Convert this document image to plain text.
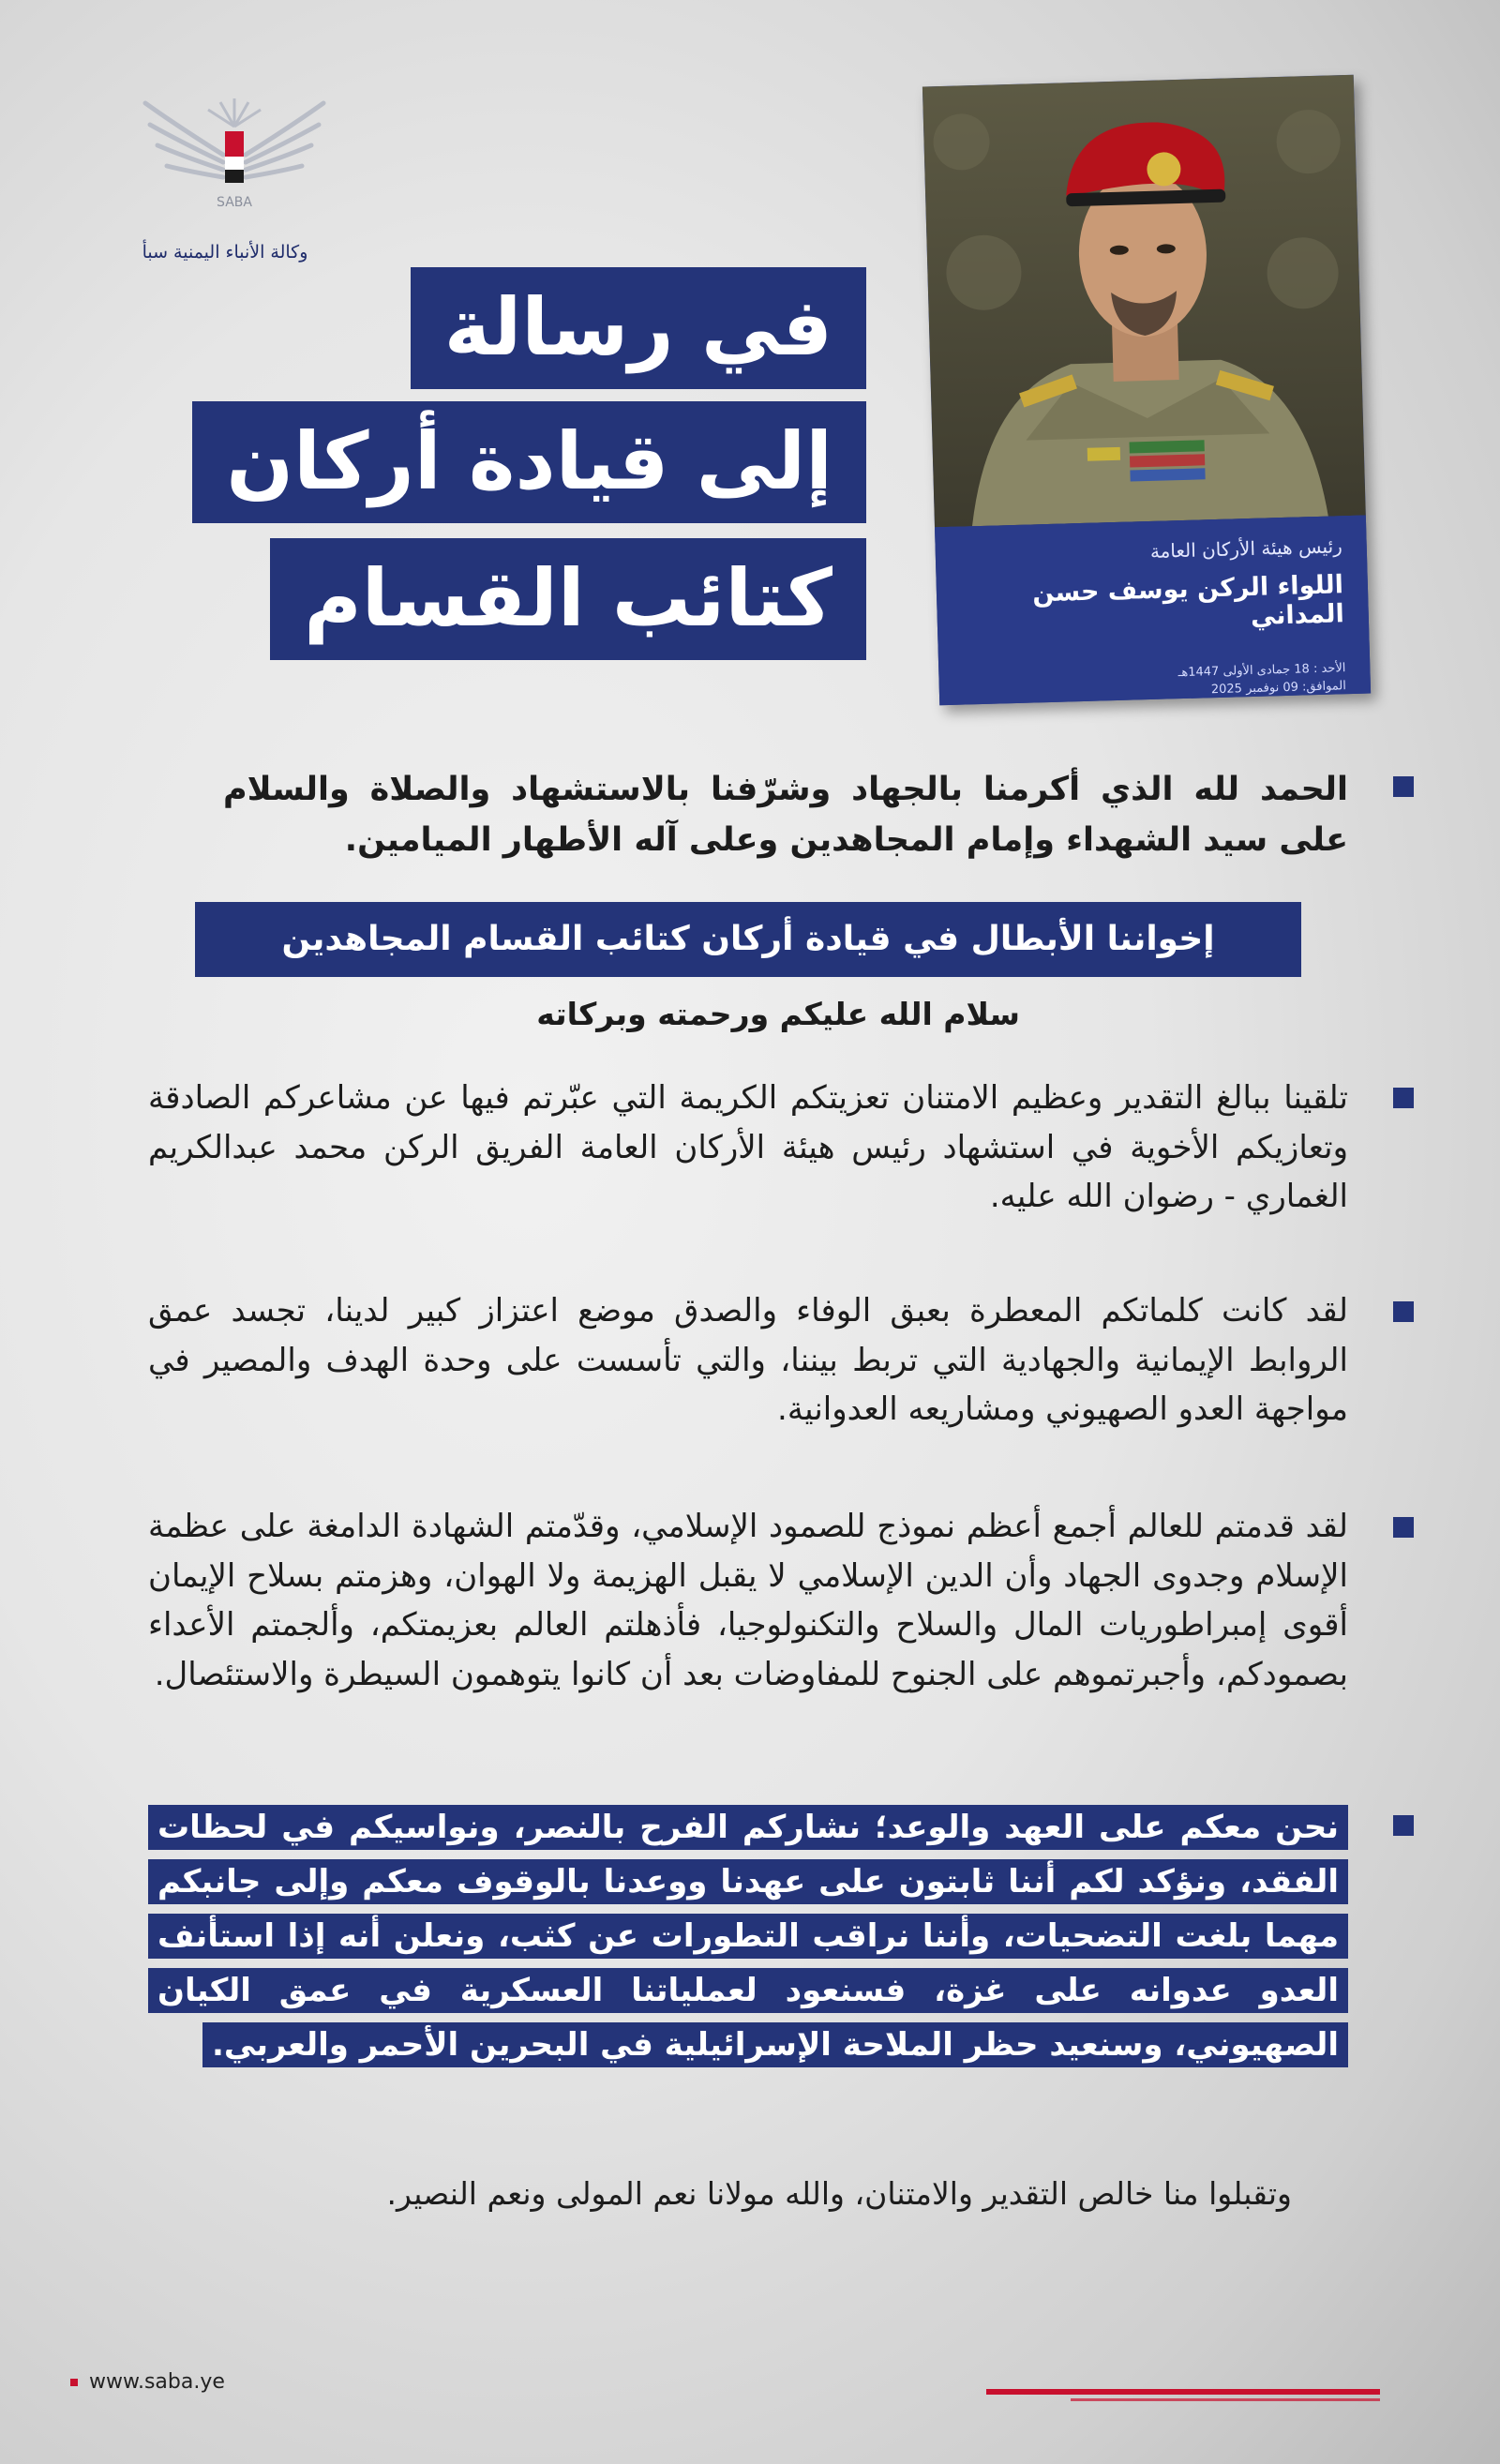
SABA
وكالة الأنباء اليمنية سبأ
في رسالة
إلى قيادة أركان
كتائب القسام
رئيس هيئة الأركان العامة
اللواء الركن يوسف حسن المداني
الأحد : 18 جمادى الأولى 1447هـ
الموافق: 09 نوفمبر 2025
الحمد لله الذي أكرمنا بالجهاد وشرّفنا بالاستشهاد والصلاة والسلام على سيد الشهداء وإمام المجاهدين وعلى آله الأطهار الميامين.
إخواننا الأبطال في قيادة أركان كتائب القسام المجاهدين
سلام الله عليكم ورحمته وبركاته
تلقينا ببالغ التقدير وعظيم الامتنان تعزيتكم الكريمة التي عبّرتم فيها عن مشاعركم الصادقة وتعازيكم الأخوية في استشهاد رئيس هيئة الأركان العامة الفريق الركن محمد عبدالكريم الغماري - رضوان الله عليه.
لقد كانت كلماتكم المعطرة بعبق الوفاء والصدق موضع اعتزاز كبير لدينا، تجسد عمق الروابط الإيمانية والجهادية التي تربط بيننا، والتي تأسست على وحدة الهدف والمصير في مواجهة العدو الصهيوني ومشاريعه العدوانية.
لقد قدمتم للعالم أجمع أعظم نموذج للصمود الإسلامي، وقدّمتم الشهادة الدامغة على عظمة الإسلام وجدوى الجهاد وأن الدين الإسلامي لا يقبل الهزيمة ولا الهوان، وهزمتم بسلاح الإيمان أقوى إمبراطوريات المال والسلاح والتكنولوجيا، فأذهلتم العالم بعزيمتكم، وألجمتم الأعداء بصمودكم، وأجبرتموهم على الجنوح للمفاوضات بعد أن كانوا يتوهمون السيطرة والاستئصال.
نحن معكم على العهد والوعد؛ نشاركم الفرح بالنصر، ونواسيكم في لحظات الفقد، ونؤكد لكم أننا ثابتون على عهدنا ووعدنا بالوقوف معكم وإلى جانبكم مهما بلغت التضحيات، وأننا نراقب التطورات عن كثب، ونعلن أنه إذا استأنف العدو عدوانه على غزة، فسنعود لعملياتنا العسكرية في عمق الكيان الصهيوني، وسنعيد حظر الملاحة الإسرائيلية في البحرين الأحمر والعربي.
وتقبلوا منا خالص التقدير والامتنان، والله مولانا نعم المولى ونعم النصير.
www.saba.ye
